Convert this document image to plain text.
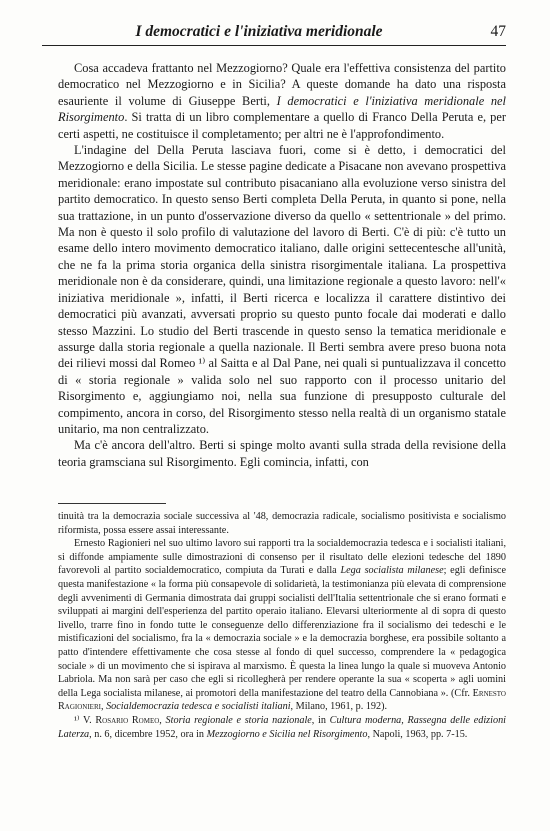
I democratici e l'iniziativa meridionale	47

Cosa accadeva frattanto nel Mezzogiorno? Quale era l'effettiva consistenza del partito democratico nel Mezzogiorno e in Sicilia? A queste domande ha dato una risposta esauriente il volume di Giuseppe Berti, I democratici e l'iniziativa meridionale nel Risorgimento. Si tratta di un libro complementare a quello di Franco Della Peruta e, per certi aspetti, ne costituisce il completamento; per altri ne è l'approfondimento.

L'indagine del Della Peruta lasciava fuori, come si è detto, i democratici del Mezzogiorno e della Sicilia. Le stesse pagine dedicate a Pisacane non avevano prospettiva meridionale: erano impostate sul contributo pisacaniano alla evoluzione verso sinistra del partito democratico. In questo senso Berti completa Della Peruta, in quanto si pone, nella sua trattazione, in un punto d'osservazione diverso da quello « settentrionale » del primo. Ma non è questo il solo profilo di valutazione del lavoro di Berti. C'è di più: c'è tutto un esame dello intero movimento democratico italiano, dalle origini settecentesche all'unità, che ne fa la prima storia organica della sinistra risorgimentale italiana. La prospettiva meridionale non è da considerare, quindi, una limitazione regionale a questo lavoro: nell'« iniziativa meridionale », infatti, il Berti ricerca e localizza il carattere distintivo dei democratici più avanzati, avversati proprio su questo punto focale dai moderati e dallo stesso Mazzini. Lo studio del Berti trascende in questo senso la tematica meridionale e assurge dalla storia regionale a quella nazionale. Il Berti sembra avere preso buona nota dei rilievi mossi dal Romeo ¹⁾ al Saitta e al Dal Pane, nei quali si puntualizzava il concetto di « storia regionale » valida solo nel suo rapporto con il processo unitario del Risorgimento e, aggiungiamo noi, nella sua funzione di presupposto culturale del compimento, ancora in corso, del Risorgimento stesso nella realtà di un organismo statale unitario, ma non centralizzato.

Ma c'è ancora dell'altro. Berti si spinge molto avanti sulla strada della revisione della teoria gramsciana sul Risorgimento. Egli comincia, infatti, con

tinuità tra la democrazia sociale successiva al '48, democrazia radicale, socialismo positivista e socialismo riformista, possa essere assai interessante.

Ernesto Ragionieri nel suo ultimo lavoro sui rapporti tra la socialdemocrazia tedesca e i socialisti italiani, si diffonde ampiamente sulle dimostrazioni di consenso per il risultato delle elezioni tedesche del 1890 favorevoli al partito socialdemocratico, compiuta da Turati e dalla Lega socialista milanese; egli definisce questa manifestazione « la forma più consapevole di solidarietà, la testimonianza più elevata di comprensione degli avvenimenti di Germania dimostrata dai gruppi socialisti dell'Italia settentrionale che si erano formati e sviluppati ai margini dell'esperienza del partito operaio italiano. Elevarsi ulteriormente al di sopra di questo livello, trarre fino in fondo tutte le conseguenze dello differenziazione fra il socialismo dei tedeschi e le mistificazioni del socialismo, fra la « democrazia sociale » e la democrazia borghese, era possibile soltanto a patto d'intendere effettivamente che cosa stesse al fondo di quel successo, comprendere la « pedagogica sociale » di un movimento che si ispirava al marxismo. È questa la linea lungo la quale si muoveva Antonio Labriola. Ma non sarà per caso che egli si ricollegherà per rendere operante la sua « scoperta » agli uomini della Lega socialista milanese, ai promotori della manifestazione del teatro della Cannobiana ». (Cfr. Ernesto Ragionieri, Socialdemocrazia tedesca e socialisti italiani, Milano, 1961, p. 192).

¹⁾ V. Rosario Romeo, Storia regionale e storia nazionale, in Cultura moderna, Rassegna delle edizioni Laterza, n. 6, dicembre 1952, ora in Mezzogiorno e Sicilia nel Risorgimento, Napoli, 1963, pp. 7-15.
